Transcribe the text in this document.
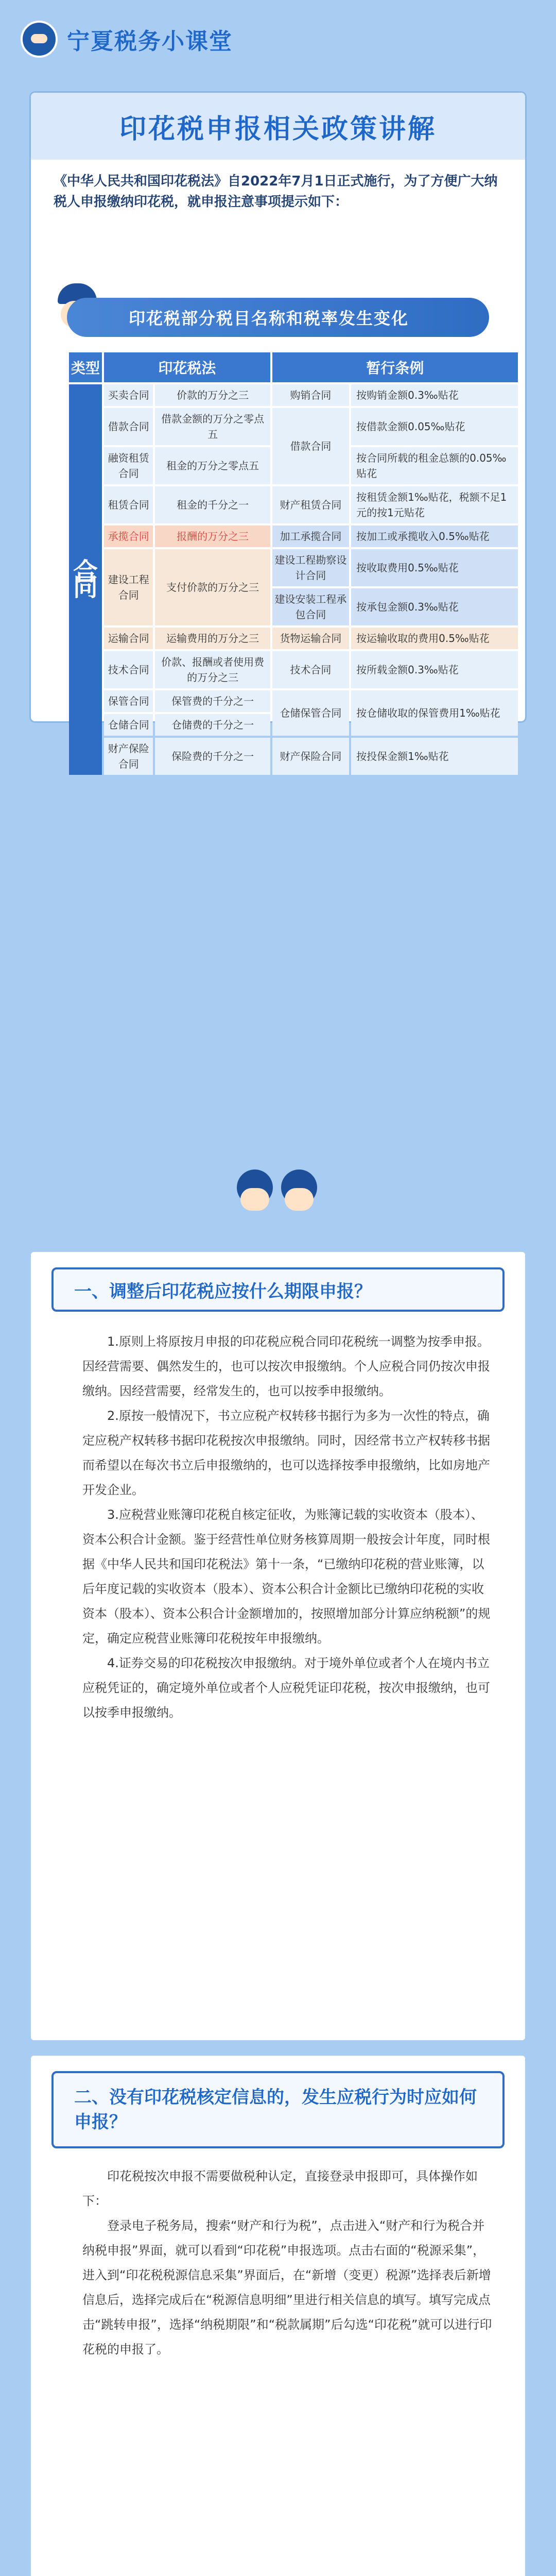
宁夏税务小课堂
印花税申报相关政策讲解
《中华人民共和国印花税法》自2022年7月1日正式施行，为了方便广大纳税人申报缴纳印花税，就申报注意事项提示如下：
印花税部分税目名称和税率发生变化
类型	印花税法		暂行条例	
合同	买卖合同	价款的万分之三	购销合同	按购销金额0.3‰贴花
	借款合同	借款金额的万分之零点五	借款合同	按借款金额0.05‰贴花
	融资租赁合同	租金的万分之零点五		按合同所载的租金总额的0.05‰贴花
	租赁合同	租金的千分之一	财产租赁合同	按租赁金额1‰贴花，税额不足1元的按1元贴花
	承揽合同	报酬的万分之三	加工承揽合同	按加工或承揽收入0.5‰贴花
	建设工程合同	支付价款的万分之三	建设工程勘察设计合同	按收取费用0.5‰贴花
			建设安装工程承包合同	按承包金额0.3‰贴花
	运输合同	运输费用的万分之三	货物运输合同	按运输收取的费用0.5‰贴花
	技术合同	价款、报酬或者使用费的万分之三	技术合同	按所载金额0.3‰贴花
	保管合同	保管费的千分之一	仓储保管合同	按仓储收取的保管费用1‰贴花
	仓储合同	仓储费的千分之一		
	财产保险合同	保险费的千分之一	财产保险合同	按投保金额1‰贴花
一、调整后印花税应按什么期限申报？

1.原则上将原按月申报的印花税应税合同印花税统一调整为按季申报。因经营需要、偶然发生的，也可以按次申报缴纳。个人应税合同仍按次申报缴纳。因经营需要，经常发生的，也可以按季申报缴纳。

2.原按一般情况下，书立应税产权转移书据行为多为一次性的特点，确定应税产权转移书据印花税按次申报缴纳。同时，因经常书立产权转移书据而希望以在每次书立后申报缴纳的，也可以选择按季申报缴纳，比如房地产开发企业。

3.应税营业账簿印花税自核定征收，为账簿记载的实收资本（股本）、资本公积合计金额。鉴于经营性单位财务核算周期一般按会计年度，同时根据《中华人民共和国印花税法》第十一条，“已缴纳印花税的营业账簿，以后年度记载的实收资本（股本）、资本公积合计金额比已缴纳印花税的实收资本（股本）、资本公积合计金额增加的，按照增加部分计算应纳税额”的规定，确定应税营业账簿印花税按年申报缴纳。

4.证券交易的印花税按次申报缴纳。对于境外单位或者个人在境内书立应税凭证的，确定境外单位或者个人应税凭证印花税，按次申报缴纳，也可以按季申报缴纳。

二、没有印花税核定信息的，发生应税行为时应如何申报？

印花税按次申报不需要做税种认定，直接登录申报即可，具体操作如下：

登录电子税务局，搜索“财产和行为税”，点击进入“财产和行为税合并纳税申报”界面，就可以看到“印花税”申报选项。点击右面的“税源采集”，进入到“印花税税源信息采集”界面后，在“新增（变更）税源”选择表后新增信息后，选择完成后在“税源信息明细”里进行相关信息的填写。填写完成点击“跳转申报”，选择“纳税期限”和“税款属期”后勾选“印花税”就可以进行印花税的申报了。
